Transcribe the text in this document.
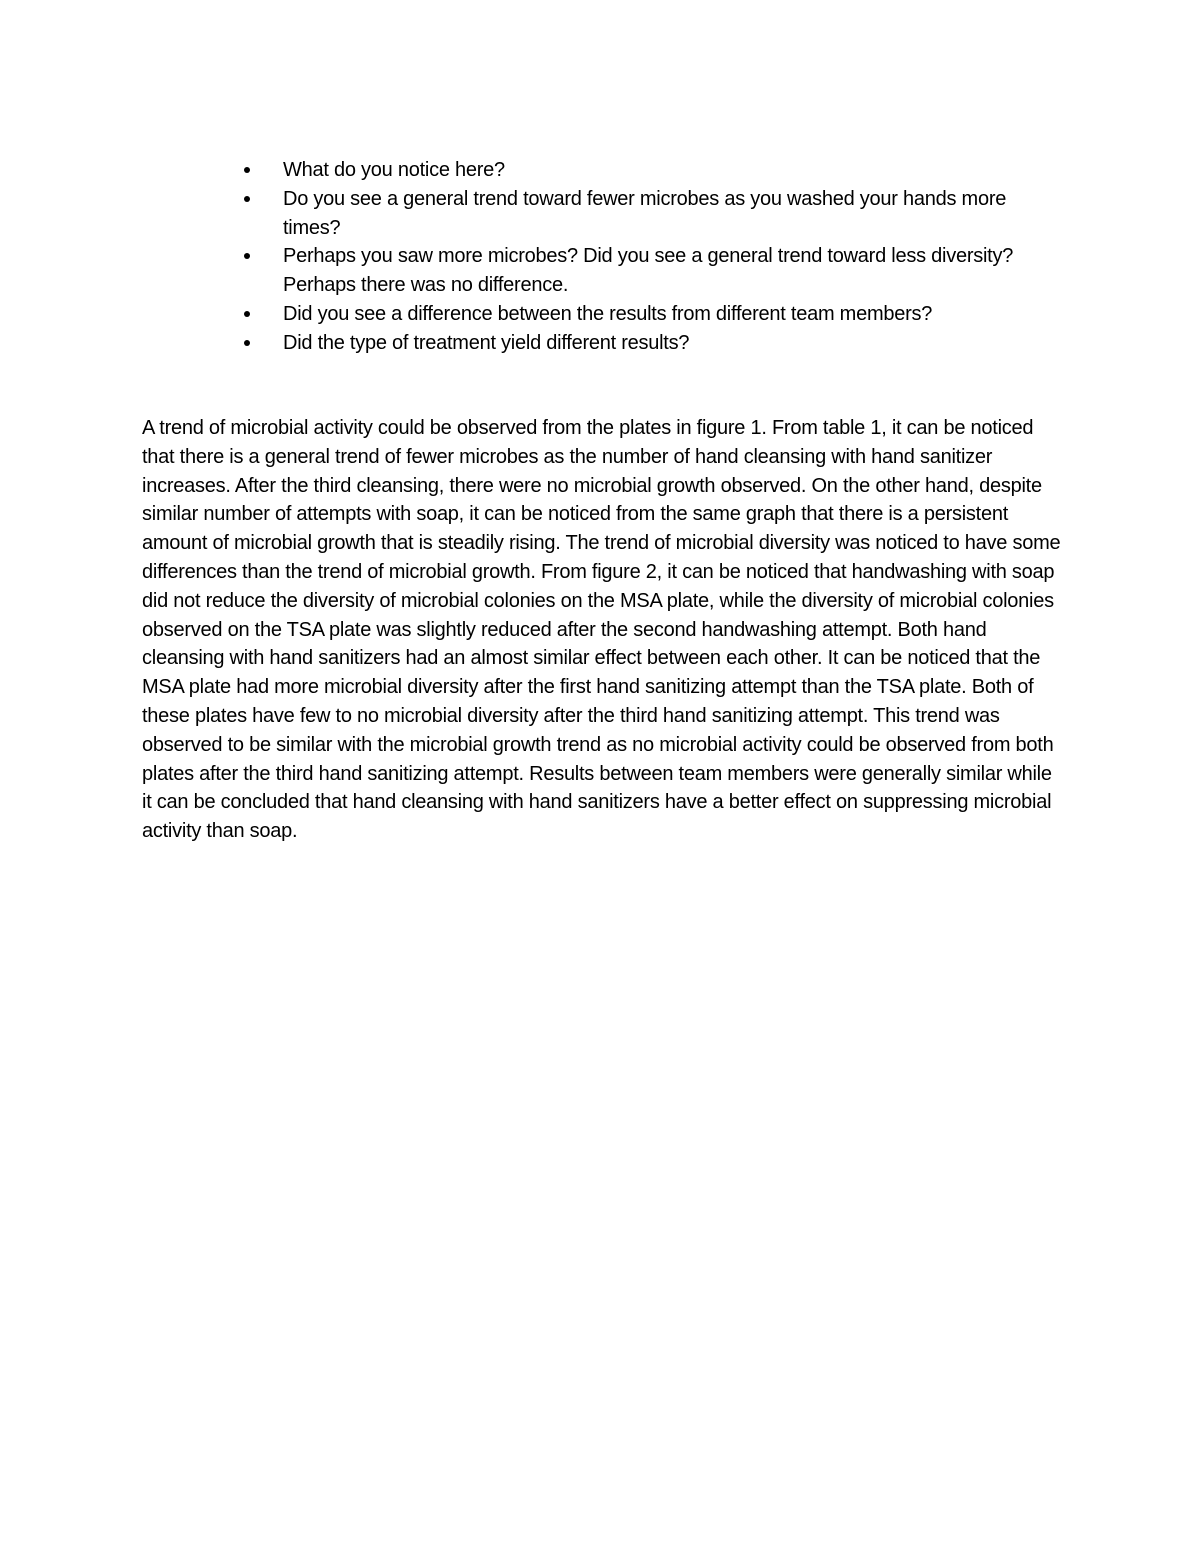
What do you notice here?
Do you see a general trend toward fewer microbes as you washed your hands more times?
Perhaps you saw more microbes? Did you see a general trend toward less diversity? Perhaps there was no difference.
Did you see a difference between the results from different team members?
Did the type of treatment yield different results?

A trend of microbial activity could be observed from the plates in figure 1. From table 1, it can be noticed that there is a general trend of fewer microbes as the number of hand cleansing with hand sanitizer increases. After the third cleansing, there were no microbial growth observed. On the other hand, despite similar number of attempts with soap, it can be noticed from the same graph that there is a persistent amount of microbial growth that is steadily rising. The trend of microbial diversity was noticed to have some differences than the trend of microbial growth. From figure 2, it can be noticed that handwashing with soap did not reduce the diversity of microbial colonies on the MSA plate, while the diversity of microbial colonies observed on the TSA plate was slightly reduced after the second handwashing attempt. Both hand cleansing with hand sanitizers had an almost similar effect between each other. It can be noticed that the MSA plate had more microbial diversity after the first hand sanitizing attempt than the TSA plate. Both of these plates have few to no microbial diversity after the third hand sanitizing attempt. This trend was observed to be similar with the microbial growth trend as no microbial activity could be observed from both plates after the third hand sanitizing attempt. Results between team members were generally similar while it can be concluded that hand cleansing with hand sanitizers have a better effect on suppressing microbial activity than soap.
